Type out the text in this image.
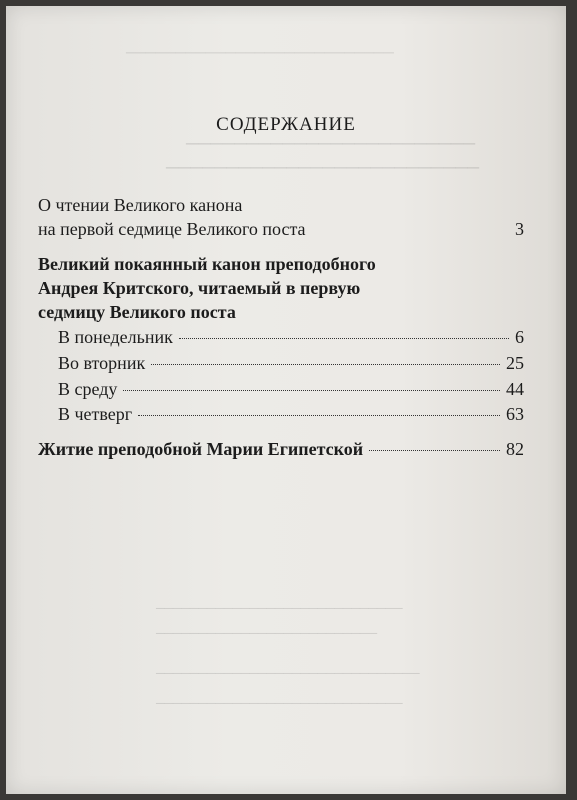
───────────────────────────
────────────────────────
──────────────────────────
─────────────────────────────
──────────────────────────
───────────────────────────────
─────────────────────────────
СОДЕРЖАНИЕ
О чтении Великого канона
на первой седмице Великого поста	3
Великий покаянный канон преподобного
Андрея Критского, читаемый в первую
седмицу Великого поста
В понедельник	6
Во вторник	25
В среду	44
В четверг	63
Житие преподобной Марии Египетской	82
